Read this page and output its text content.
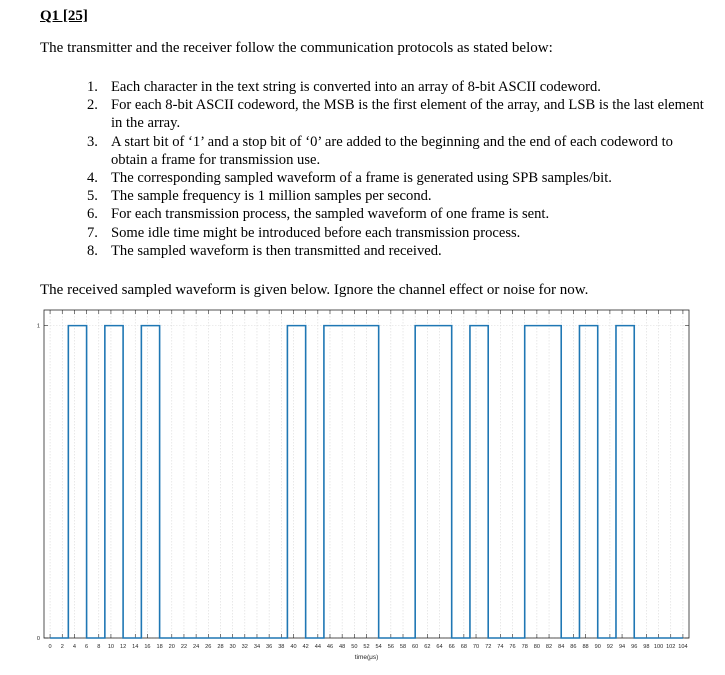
Q1 [25]
The transmitter and the receiver follow the communication protocols as stated below:
1. Each character in the text string is converted into an array of 8-bit ASCII codeword.
2. For each 8-bit ASCII codeword, the MSB is the first element of the array, and LSB is the last element in the array.
3. A start bit of ‘1’ and a stop bit of ‘0’ are added to the beginning and the end of each codeword to obtain a frame for transmission use.
4. The corresponding sampled waveform of a frame is generated using SPB samples/bit.
5. The sample frequency is 1 million samples per second.
6. For each transmission process, the sampled waveform of one frame is sent.
7. Some idle time might be introduced before each transmission process.
8. The sampled waveform is then transmitted and received.
The received sampled waveform is given below. Ignore the channel effect or noise for now.
0 2 4 6 8 10 12 14 16 18 20 22 24 26 28 30 32 34 36 38 40 42 44 46 48 50 52 54 56 58 60 62 64 66 68 70 72 74 76 78 80 82 84 86 88 90 92 94 96 98 100 102 104
0
1
time(μs)
